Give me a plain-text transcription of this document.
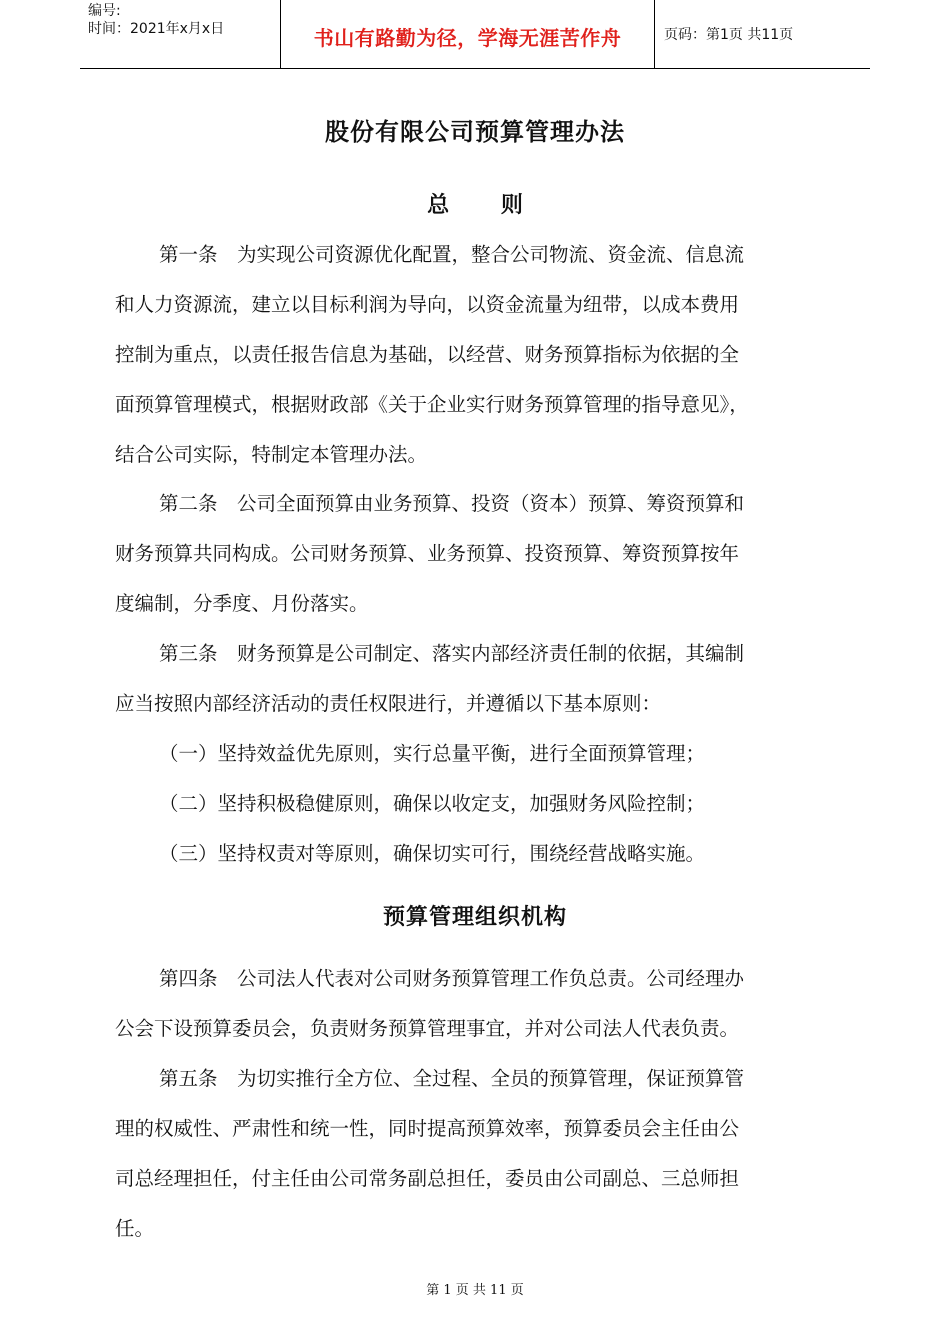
编号:
时间：2021年x月x日	书山有路勤为径，学海无涯苦作舟	页码：第1页 共11页
股份有限公司预算管理办法
总 则
第一条　为实现公司资源优化配置，整合公司物流、资金流、信息流
和人力资源流，建立以目标利润为导向，以资金流量为纽带，以成本费用
控制为重点，以责任报告信息为基础，以经营、财务预算指标为依据的全
面预算管理模式，根据财政部《关于企业实行财务预算管理的指导意见》，
结合公司实际，特制定本管理办法。
第二条　公司全面预算由业务预算、投资（资本）预算、筹资预算和
财务预算共同构成。公司财务预算、业务预算、投资预算、筹资预算按年
度编制，分季度、月份落实。
第三条　财务预算是公司制定、落实内部经济责任制的依据，其编制
应当按照内部经济活动的责任权限进行，并遵循以下基本原则：
（一）坚持效益优先原则，实行总量平衡，进行全面预算管理；
（二）坚持积极稳健原则，确保以收定支，加强财务风险控制；
（三）坚持权责对等原则，确保切实可行，围绕经营战略实施。
预算管理组织机构
第四条　公司法人代表对公司财务预算管理工作负总责。公司经理办
公会下设预算委员会，负责财务预算管理事宜，并对公司法人代表负责。
第五条　为切实推行全方位、全过程、全员的预算管理，保证预算管
理的权威性、严肃性和统一性，同时提高预算效率，预算委员会主任由公
司总经理担任，付主任由公司常务副总担任，委员由公司副总、三总师担
任。
第 1 页 共 11 页
